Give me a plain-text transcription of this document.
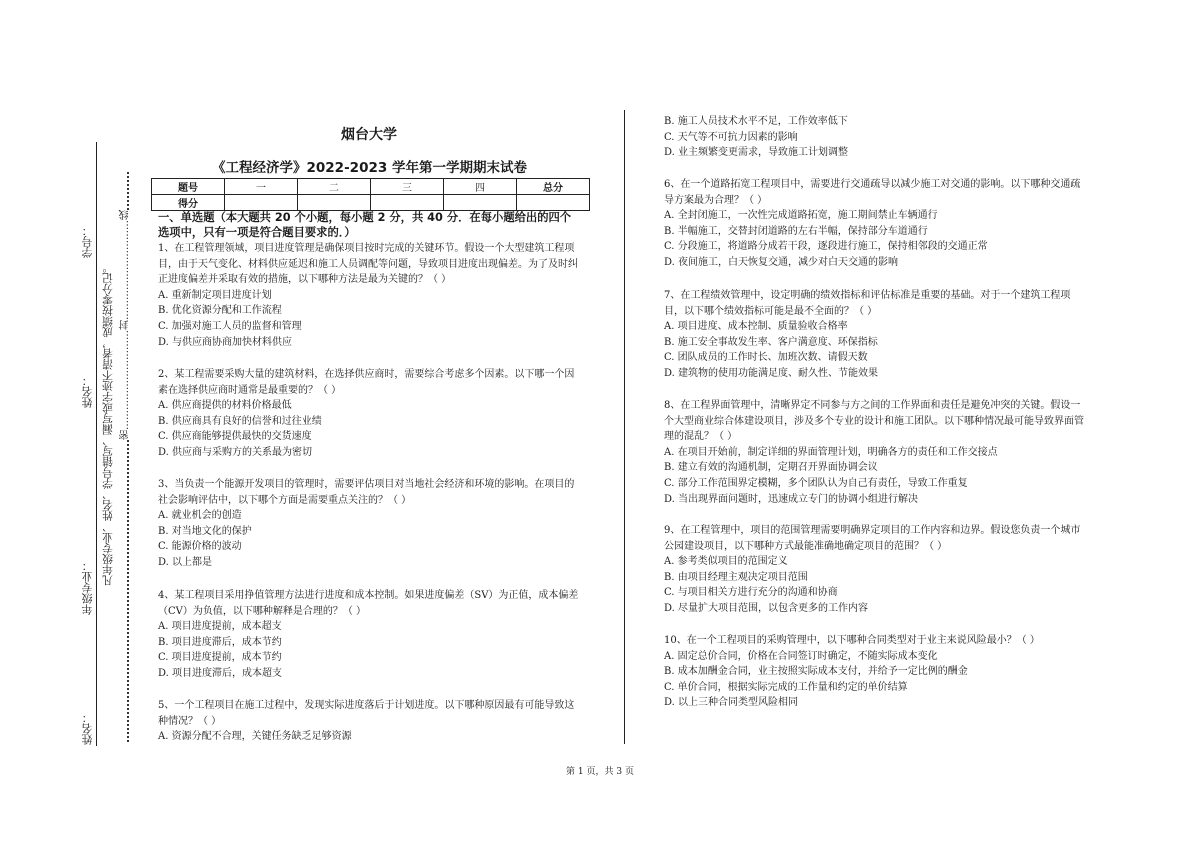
姓名：
姓名：
学号：
年级专业：
凡年级专业、姓名、学号错写、漏写或字迹不清者，成绩按零分记。 密…………………………封…………………………线
烟台大学
《工程经济学》2022-2023 学年第一学期期末试卷
题号	一	二	三	四	总分
得分					
一、单选题（本大题共 20 个小题，每小题 2 分，共 40 分．在每小题给出的四个选项中，只有一项是符合题目要求的．）

1、在工程管理领域，项目进度管理是确保项目按时完成的关键环节。假设一个大型建筑工程项目，由于天气变化、材料供应延迟和施工人员调配等问题，导致项目进度出现偏差。为了及时纠正进度偏差并采取有效的措施，以下哪种方法是最为关键的？（ ）

A. 重新制定项目进度计划

B. 优化资源分配和工作流程

C. 加强对施工人员的监督和管理

D. 与供应商协商加快材料供应

2、某工程需要采购大量的建筑材料，在选择供应商时，需要综合考虑多个因素。以下哪一个因素在选择供应商时通常是最重要的？（ ）

A. 供应商提供的材料价格最低

B. 供应商具有良好的信誉和过往业绩

C. 供应商能够提供最快的交货速度

D. 供应商与采购方的关系最为密切

3、当负责一个能源开发项目的管理时，需要评估项目对当地社会经济和环境的影响。在项目的社会影响评估中，以下哪个方面是需要重点关注的？（ ）

A. 就业机会的创造

B. 对当地文化的保护

C. 能源价格的波动

D. 以上都是

4、某工程项目采用挣值管理方法进行进度和成本控制。如果进度偏差（SV）为正值，成本偏差（CV）为负值，以下哪种解释是合理的？（ ）

A. 项目进度提前，成本超支

B. 项目进度滞后，成本节约

C. 项目进度提前，成本节约

D. 项目进度滞后，成本超支

5、一个工程项目在施工过程中，发现实际进度落后于计划进度。以下哪种原因最有可能导致这种情况？（ ）

A. 资源分配不合理，关键任务缺乏足够资源

B. 施工人员技术水平不足，工作效率低下

C. 天气等不可抗力因素的影响

D. 业主频繁变更需求，导致施工计划调整

6、在一个道路拓宽工程项目中，需要进行交通疏导以减少施工对交通的影响。以下哪种交通疏导方案最为合理？（ ）

A. 全封闭施工，一次性完成道路拓宽，施工期间禁止车辆通行

B. 半幅施工，交替封闭道路的左右半幅，保持部分车道通行

C. 分段施工，将道路分成若干段，逐段进行施工，保持相邻段的交通正常

D. 夜间施工，白天恢复交通，减少对白天交通的影响

7、在工程绩效管理中，设定明确的绩效指标和评估标准是重要的基础。对于一个建筑工程项目，以下哪个绩效指标可能是最不全面的？（ ）

A. 项目进度、成本控制、质量验收合格率

B. 施工安全事故发生率、客户满意度、环保指标

C. 团队成员的工作时长、加班次数、请假天数

D. 建筑物的使用功能满足度、耐久性、节能效果

8、在工程界面管理中，清晰界定不同参与方之间的工作界面和责任是避免冲突的关键。假设一个大型商业综合体建设项目，涉及多个专业的设计和施工团队。以下哪种情况最可能导致界面管理的混乱？（ ）

A. 在项目开始前，制定详细的界面管理计划，明确各方的责任和工作交接点

B. 建立有效的沟通机制，定期召开界面协调会议

C. 部分工作范围界定模糊，多个团队认为自己有责任，导致工作重复

D. 当出现界面问题时，迅速成立专门的协调小组进行解决

9、在工程管理中，项目的范围管理需要明确界定项目的工作内容和边界。假设您负责一个城市公园建设项目，以下哪种方式最能准确地确定项目的范围？（ ）

A. 参考类似项目的范围定义

B. 由项目经理主观决定项目范围

C. 与项目相关方进行充分的沟通和协商

D. 尽量扩大项目范围，以包含更多的工作内容

10、在一个工程项目的采购管理中，以下哪种合同类型对于业主来说风险最小？（ ）

A. 固定总价合同，价格在合同签订时确定，不随实际成本变化

B. 成本加酬金合同，业主按照实际成本支付，并给予一定比例的酬金

C. 单价合同，根据实际完成的工作量和约定的单价结算

D. 以上三种合同类型风险相同

第 1 页，共 3 页
